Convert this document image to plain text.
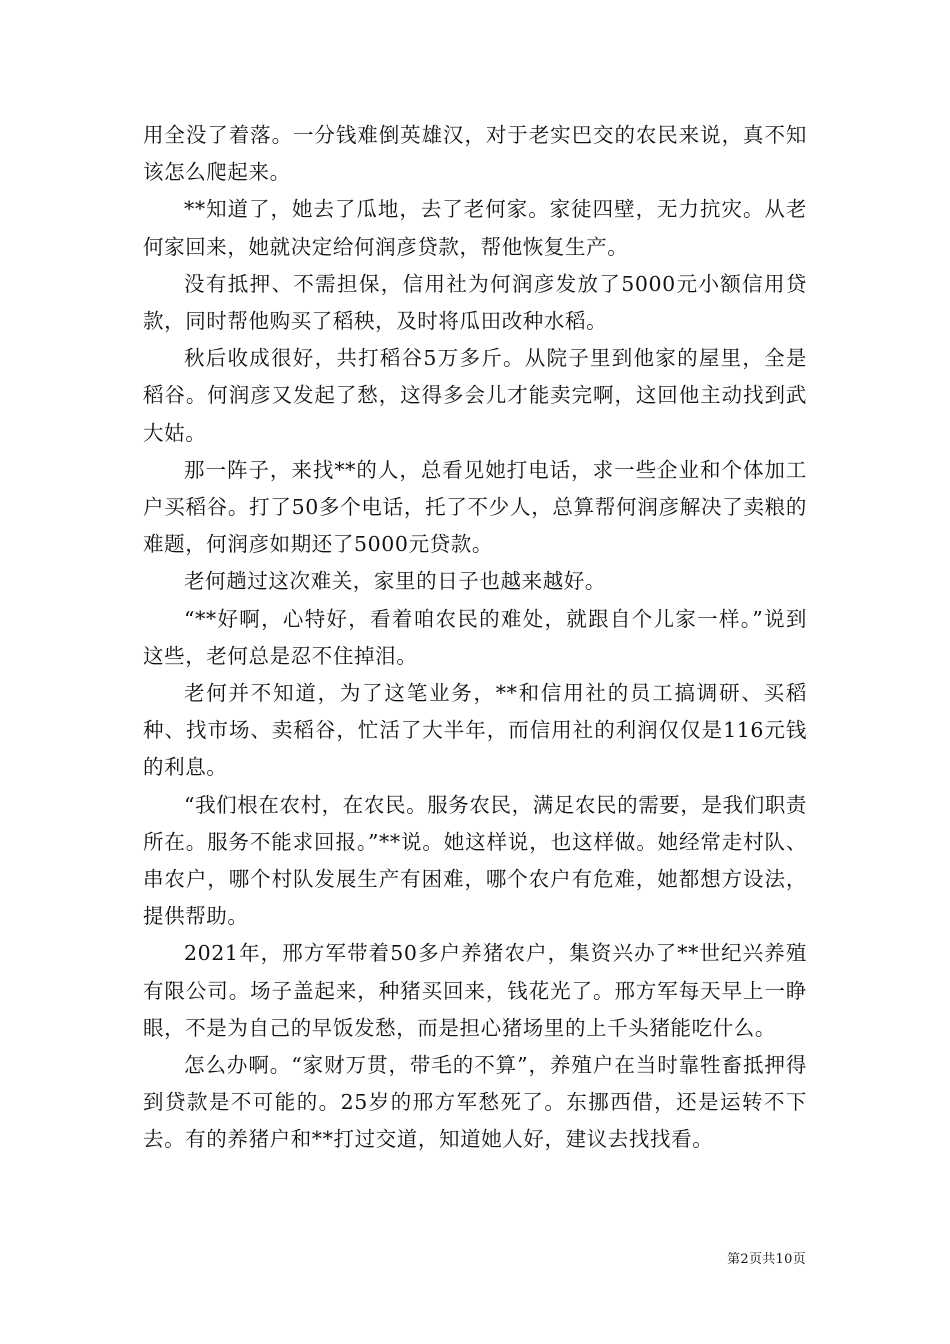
用全没了着落。一分钱难倒英雄汉，对于老实巴交的农民来说，真不知该怎么爬起来。

**知道了，她去了瓜地，去了老何家。家徒四壁，无力抗灾。从老何家回来，她就决定给何润彦贷款，帮他恢复生产。

没有抵押、不需担保，信用社为何润彦发放了5000元小额信用贷款，同时帮他购买了稻秧，及时将瓜田改种水稻。

秋后收成很好，共打稻谷5万多斤。从院子里到他家的屋里，全是稻谷。何润彦又发起了愁，这得多会儿才能卖完啊，这回他主动找到武大姑。

那一阵子，来找**的人，总看见她打电话，求一些企业和个体加工户买稻谷。打了50多个电话，托了不少人，总算帮何润彦解决了卖粮的难题，何润彦如期还了5000元贷款。

老何趟过这次难关，家里的日子也越来越好。

“**好啊，心特好，看着咱农民的难处，就跟自个儿家一样。”说到这些，老何总是忍不住掉泪。

老何并不知道，为了这笔业务，**和信用社的员工搞调研、买稻种、找市场、卖稻谷，忙活了大半年，而信用社的利润仅仅是116元钱的利息。

“我们根在农村，在农民。服务农民，满足农民的需要，是我们职责所在。服务不能求回报。”**说。她这样说，也这样做。她经常走村队、串农户，哪个村队发展生产有困难，哪个农户有危难，她都想方设法，提供帮助。

2021年，邢方军带着50多户养猪农户，集资兴办了**世纪兴养殖有限公司。场子盖起来，种猪买回来，钱花光了。邢方军每天早上一睁眼，不是为自己的早饭发愁，而是担心猪场里的上千头猪能吃什么。

怎么办啊。“家财万贯，带毛的不算”，养殖户在当时靠牲畜抵押得到贷款是不可能的。25岁的邢方军愁死了。东挪西借，还是运转不下去。有的养猪户和**打过交道，知道她人好，建议去找找看。

第2页共10页
